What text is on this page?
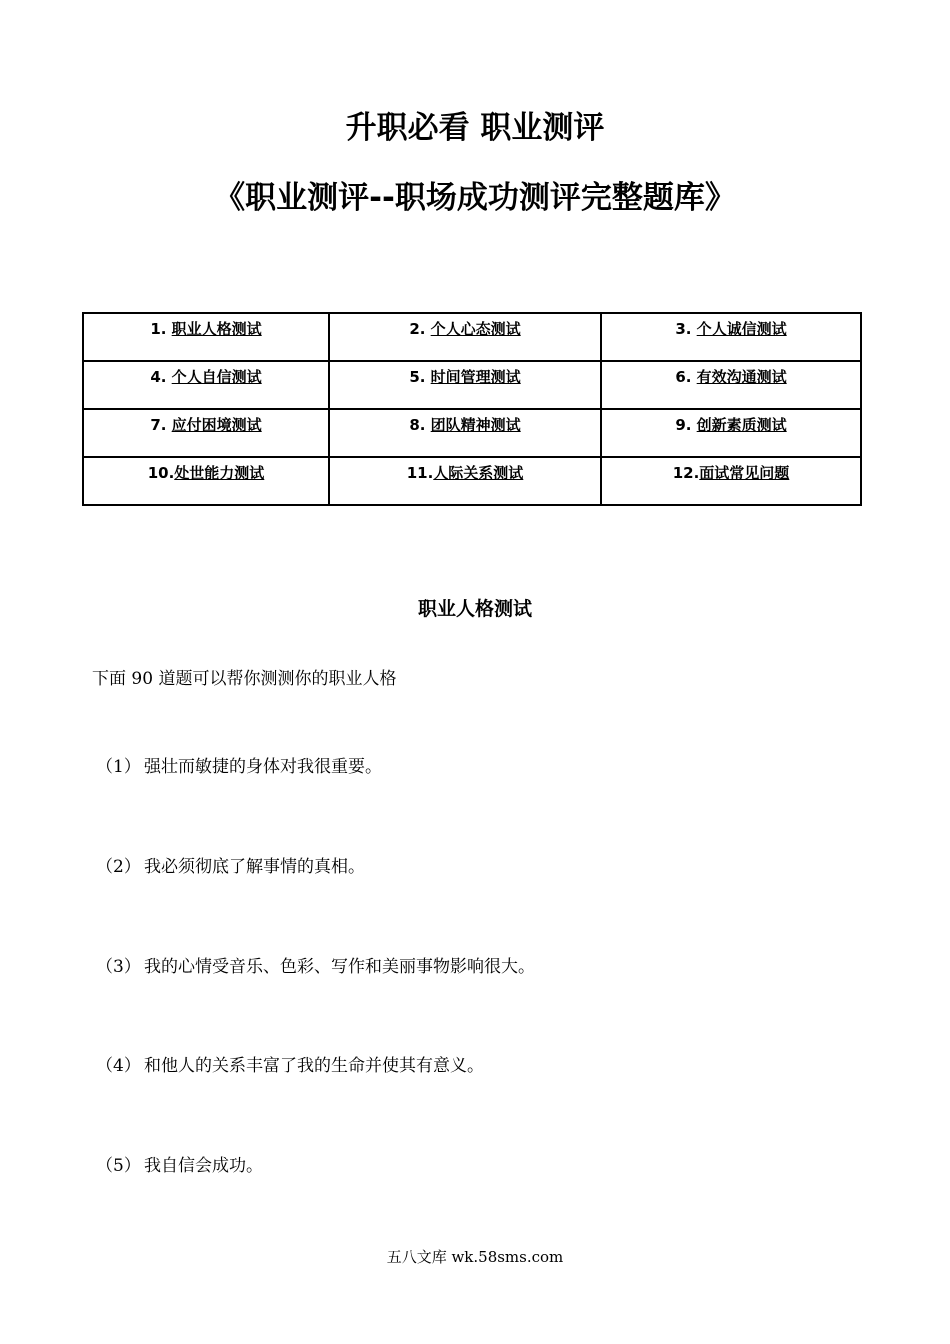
升职必看 职业测评
《职业测评--职场成功测评完整题库》
1. 职业人格测试	2. 个人心态测试	3. 个人诚信测试
4. 个人自信测试	5. 时间管理测试	6. 有效沟通测试
7. 应付困境测试	8. 团队精神测试	9. 创新素质测试
10.处世能力测试	11.人际关系测试	12.面试常见问题
职业人格测试

下面 90 道题可以帮你测测你的职业人格

（1） 强壮而敏捷的身体对我很重要。
（2） 我必须彻底了解事情的真相。
（3） 我的心情受音乐、色彩、写作和美丽事物影响很大。
（4） 和他人的关系丰富了我的生命并使其有意义。
（5） 我自信会成功。
五八文库 wk.58sms.com
